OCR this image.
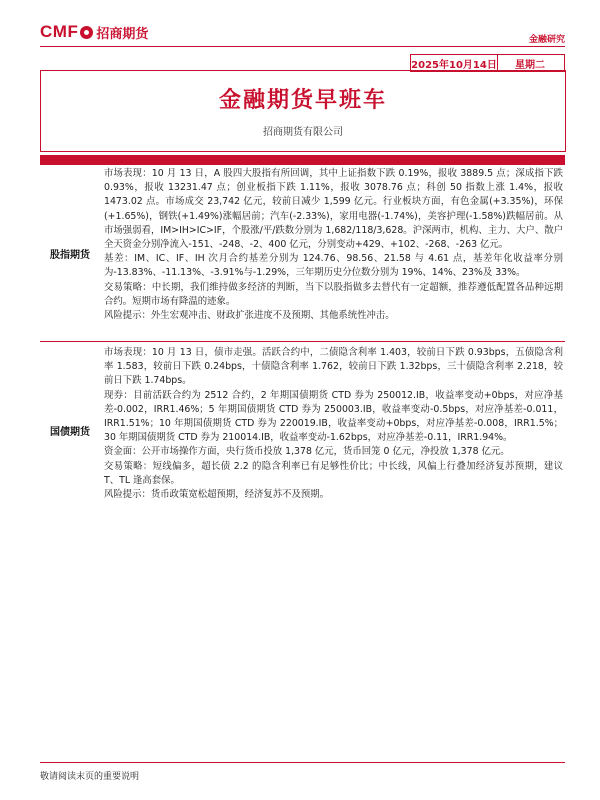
CMF 招商期货	金融研究
2025年10月14日	星期二
金融期货早班车
招商期货有限公司
股指期货
市场表现：10 月 13 日，A 股四大股指有所回调，其中上证指数下跌 0.19%，报收 3889.5 点；深成指下跌 0.93%，报收 13231.47 点；创业板指下跌 1.11%，报收 3078.76 点；科创 50 指数上涨 1.4%，报收 1473.02 点。市场成交 23,742 亿元，较前日减少 1,599 亿元。行业板块方面，有色金属(+3.35%)，环保(+1.65%)，钢铁(+1.49%)涨幅居前；汽车(-2.33%)，家用电器(-1.74%)，美容护理(-1.58%)跌幅居前。从市场强弱看，IM>IH>IC>IF，个股涨/平/跌数分别为 1,682/118/3,628。沪深两市，机构、主力、大户、散户全天资金分别净流入-151、-248、-2、400 亿元，分别变动+429、+102、-268、-263 亿元。
基差：IM、IC、IF、IH 次月合约基差分别为 124.76、98.56、21.58 与 4.61 点，基差年化收益率分别为-13.83%、-11.13%、-3.91%与-1.29%，三年期历史分位数分别为 19%、14%、23%及 33%。
交易策略：中长期，我们维持做多经济的判断，当下以股指做多去替代有一定超额，推荐遵低配置各品种远期合约。短期市场有降温的迹象。
风险提示：外生宏观冲击、财政扩张进度不及预期、其他系统性冲击。
国债期货
市场表现：10 月 13 日，债市走强。活跃合约中，二债隐含利率 1.403，较前日下跌 0.93bps，五债隐含利率 1.583，较前日下跌 0.24bps，十债隐含利率 1.762，较前日下跌 1.32bps，三十债隐含利率 2.218，较前日下跌 1.74bps。
现券：目前活跃合约为 2512 合约，2 年期国债期货 CTD 券为 250012.IB，收益率变动+0bps，对应净基差-0.002，IRR1.46%；5 年期国债期货 CTD 券为 250003.IB，收益率变动-0.5bps，对应净基差-0.011，IRR1.51%；10 年期国债期货 CTD 券为 220019.IB，收益率变动+0bps，对应净基差-0.008，IRR1.5%；30 年期国债期货 CTD 券为 210014.IB，收益率变动-1.62bps，对应净基差-0.11，IRR1.94%。
资金面：公开市场操作方面，央行货币投放 1,378 亿元，货币回笼 0 亿元，净投放 1,378 亿元。
交易策略：短线偏多，超长债 2.2 的隐含利率已有足够性价比；中长线，风偏上行叠加经济复苏预期，建议 T、TL 逢高套保。
风险提示：货币政策宽松超预期，经济复苏不及预期。
敬请阅读末页的重要说明
